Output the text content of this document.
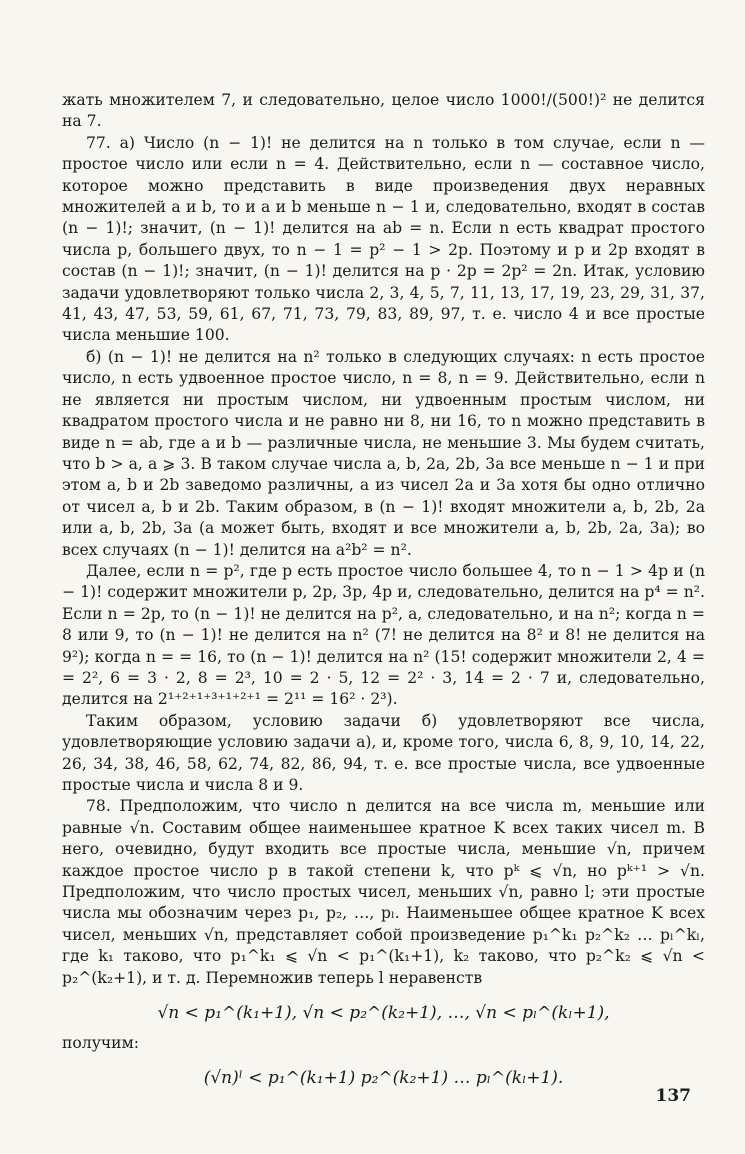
жать множителем 7, и следовательно, целое число 1000!/(500!)² не делится на 7.

77. а) Число (n − 1)! не делится на n только в том случае, если n — простое число или если n = 4. Действительно, если n — составное число, которое можно представить в виде произведения двух неравных множителей a и b, то и a и b меньше n − 1 и, следовательно, входят в состав (n − 1)!; значит, (n − 1)! делится на ab = n. Если n есть квадрат простого числа p, большего двух, то n − 1 = p² − 1 > 2p. Поэтому и p и 2p входят в состав (n − 1)!; значит, (n − 1)! делится на p · 2p = 2p² = 2n. Итак, условию задачи удовлетворяют только числа 2, 3, 4, 5, 7, 11, 13, 17, 19, 23, 29, 31, 37, 41, 43, 47, 53, 59, 61, 67, 71, 73, 79, 83, 89, 97, т. е. число 4 и все простые числа меньшие 100.

б) (n − 1)! не делится на n² только в следующих случаях: n есть простое число, n есть удвоенное простое число, n = 8, n = 9. Действительно, если n не является ни простым числом, ни удвоенным простым числом, ни квадратом простого числа и не равно ни 8, ни 16, то n можно представить в виде n = ab, где a и b — различные числа, не меньшие 3. Мы будем считать, что b > a, a ⩾ 3. В таком случае числа a, b, 2a, 2b, 3a все меньше n − 1 и при этом a, b и 2b заведомо различны, а из чисел 2a и 3a хотя бы одно отлично от чисел a, b и 2b. Таким образом, в (n − 1)! входят множители a, b, 2b, 2a или a, b, 2b, 3a (a может быть, входят и все множители a, b, 2b, 2a, 3a); во всех случаях (n − 1)! делится на a²b² = n².

Далее, если n = p², где p есть простое число большее 4, то n − 1 > 4p и (n − 1)! содержит множители p, 2p, 3p, 4p и, следовательно, делится на p⁴ = n². Если n = 2p, то (n − 1)! не делится на p², а, следовательно, и на n²; когда n = 8 или 9, то (n − 1)! не делится на n² (7! не делится на 8² и 8! не делится на 9²); когда n = = 16, то (n − 1)! делится на n² (15! содержит множители 2, 4 = = 2², 6 = 3 · 2, 8 = 2³, 10 = 2 · 5, 12 = 2² · 3, 14 = 2 · 7 и, следовательно, делится на 2¹⁺²⁺¹⁺³⁺¹⁺²⁺¹ = 2¹¹ = 16² · 2³).

Таким образом, условию задачи б) удовлетворяют все числа, удовлетворяющие условию задачи а), и, кроме того, числа 6, 8, 9, 10, 14, 22, 26, 34, 38, 46, 58, 62, 74, 82, 86, 94, т. е. все простые числа, все удвоенные простые числа и числа 8 и 9.

78. Предположим, что число n делится на все числа m, меньшие или равные √n. Составим общее наименьшее кратное K всех таких чисел m. В него, очевидно, будут входить все простые числа, меньшие √n, причем каждое простое число p в такой степени k, что pᵏ ⩽ √n, но pᵏ⁺¹ > √n. Предположим, что число простых чисел, меньших √n, равно l; эти простые числа мы обозначим через p₁, p₂, …, pₗ. Наименьшее общее кратное K всех чисел, меньших √n, представляет собой произведение p₁^k₁ p₂^k₂ … pₗ^kₗ, где k₁ таково, что p₁^k₁ ⩽ √n < p₁^(k₁+1), k₂ таково, что p₂^k₂ ⩽ √n < p₂^(k₂+1), и т. д. Перемножив теперь l неравенств

√n < p₁^(k₁+1), √n < p₂^(k₂+1), …, √n < pₗ^(kₗ+1),

получим:

(√n)ˡ < p₁^(k₁+1) p₂^(k₂+1) … pₗ^(kₗ+1).
137
